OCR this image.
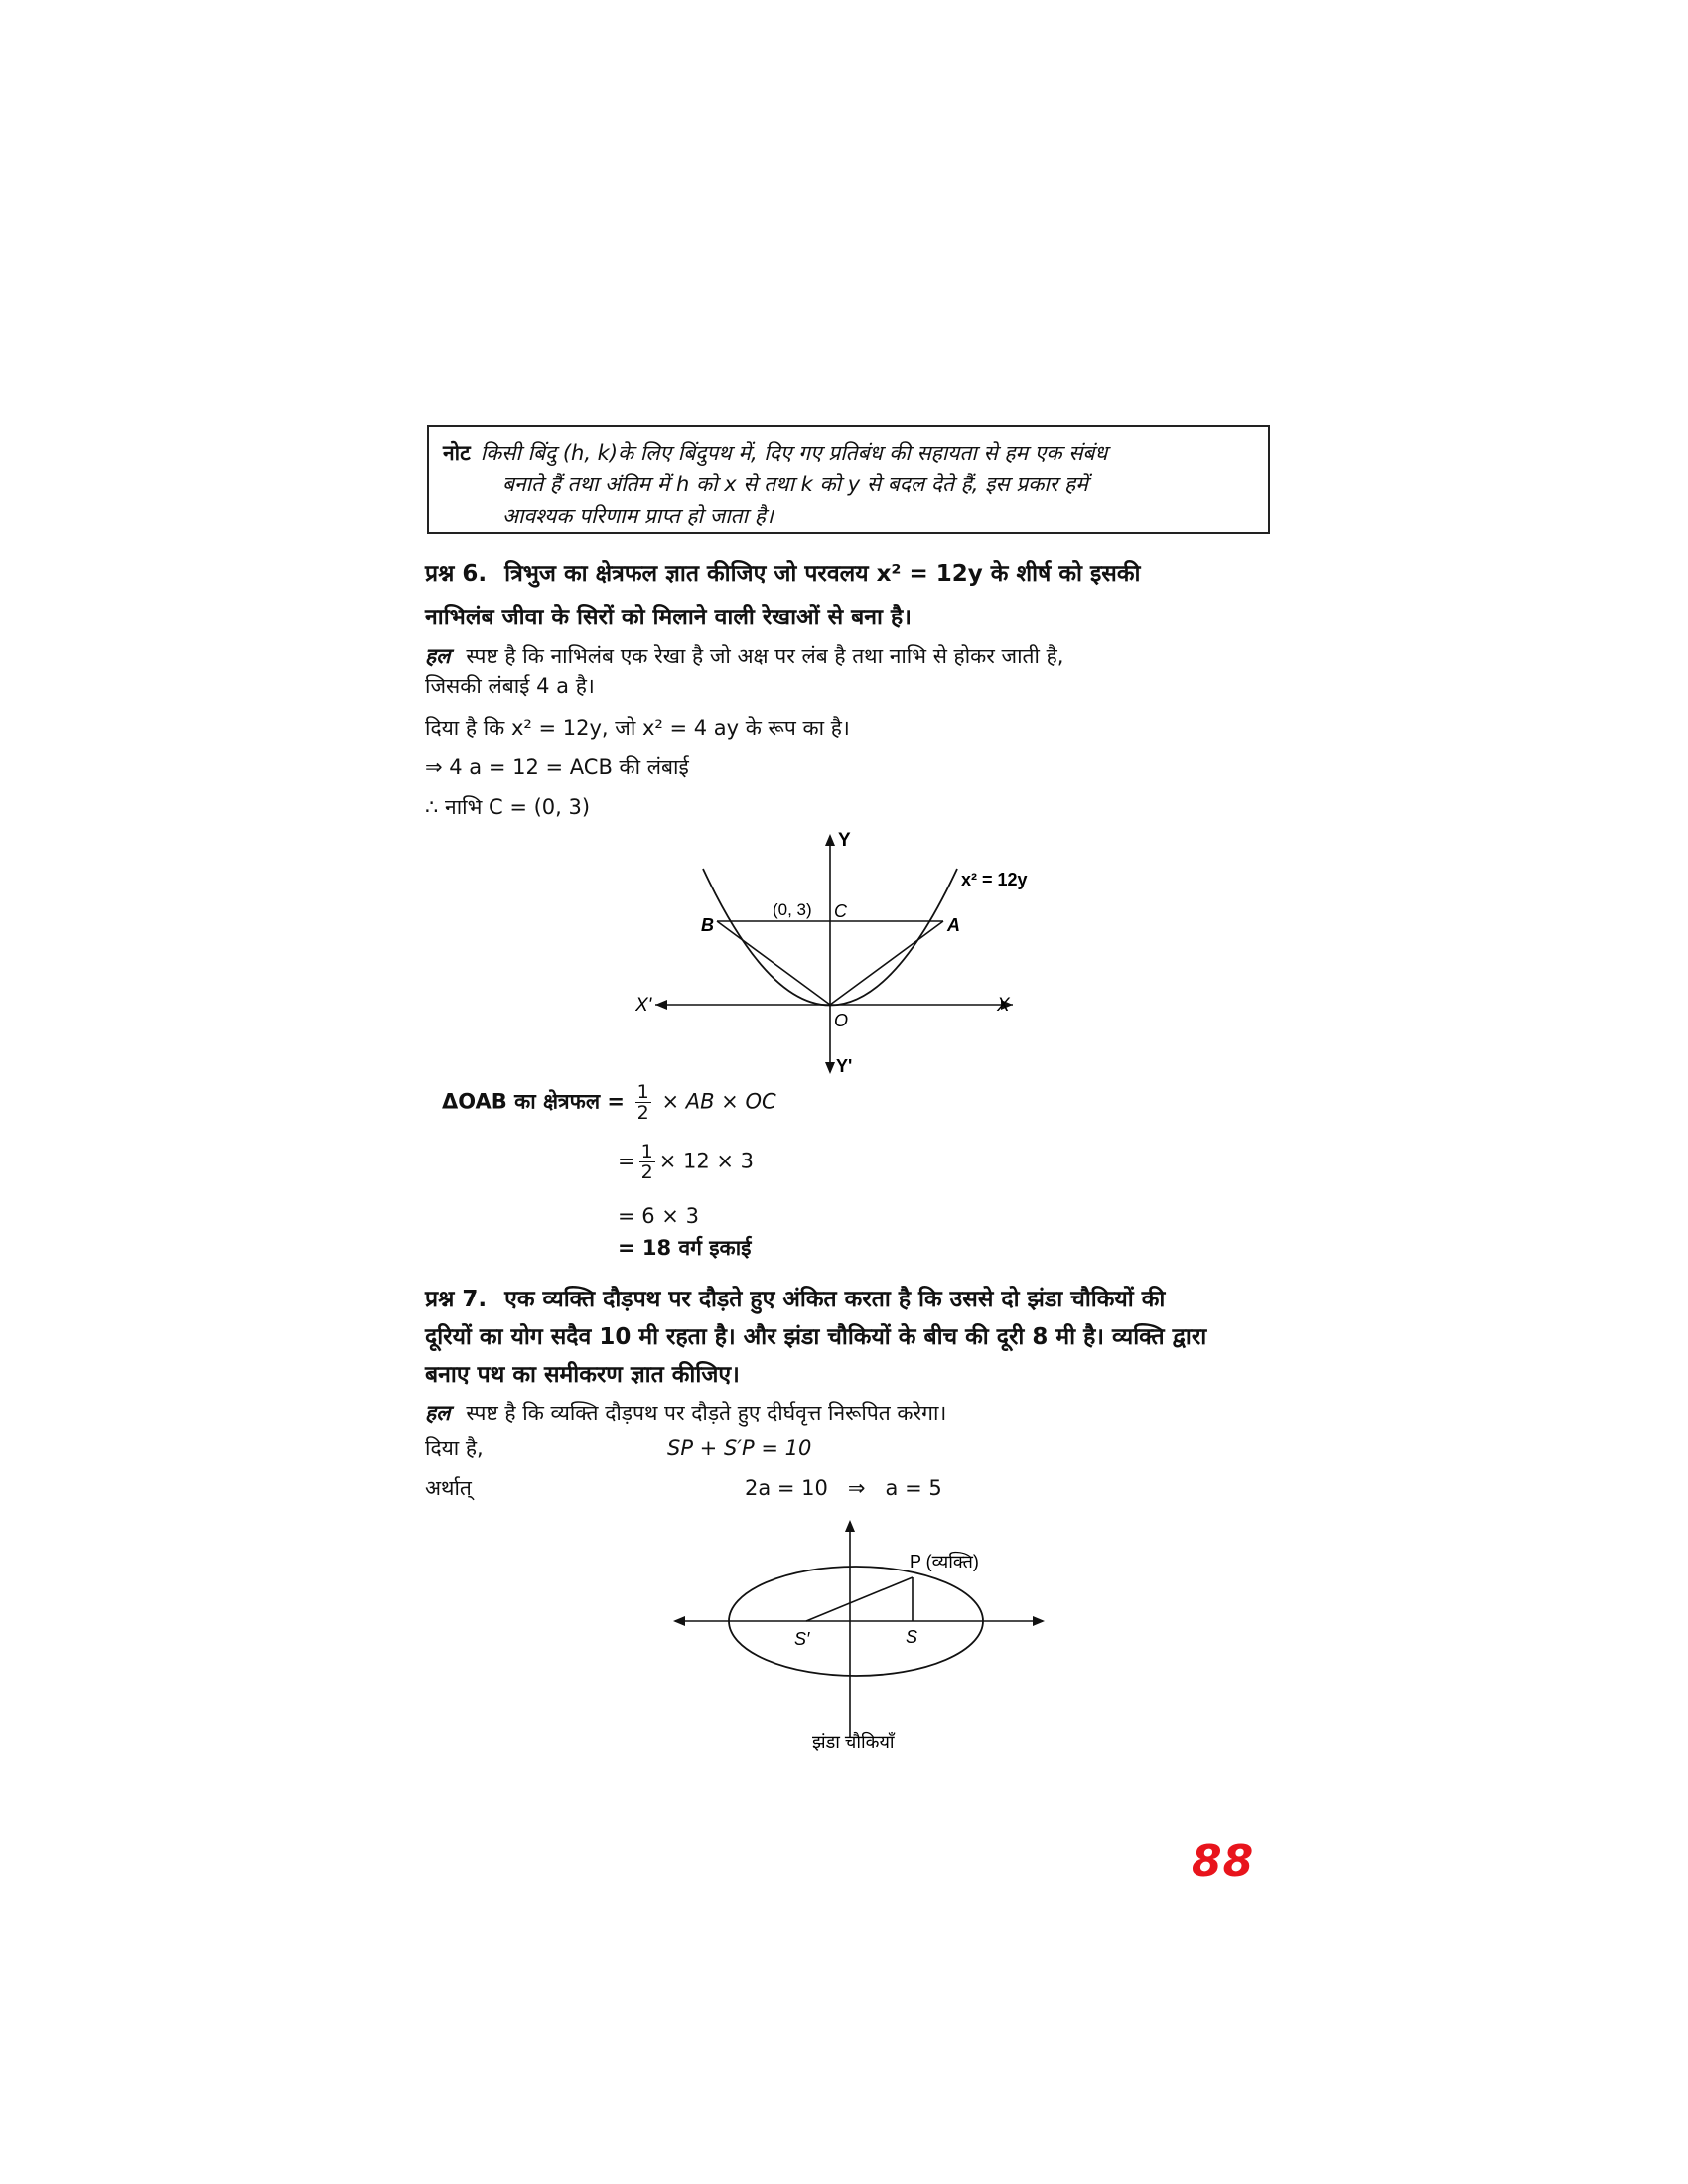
नोट किसी बिंदु (h, k)के लिए बिंदुपथ में, दिए गए प्रतिबंध की सहायता से हम एक संबंध
बनाते हैं तथा अंतिम में h को x से तथा k को y से बदल देते हैं, इस प्रकार हमें
आवश्यक परिणाम प्राप्त हो जाता है।
प्रश्न 6. त्रिभुज का क्षेत्रफल ज्ञात कीजिए जो परवलय x² = 12y के शीर्ष को इसकी
नाभिलंब जीवा के सिरों को मिलाने वाली रेखाओं से बना है।
हल स्पष्ट है कि नाभिलंब एक रेखा है जो अक्ष पर लंब है तथा नाभि से होकर जाती है,
जिसकी लंबाई 4 a है।
दिया है कि x² = 12y, जो x² = 4 ay के रूप का है।
⇒ 4 a = 12 = ACB की लंबाई
∴ नाभि C = (0, 3)
Y
Y'
X
X'
x² = 12y
B	A
C
O
(0, 3)
ΔOAB का क्षेत्रफल = $\frac{1}{2}$ × AB × OC
= $\frac{1}{2} \times 12 \times 3$
= 6 × 3
= 18 वर्ग इकाई
प्रश्न 7. एक व्यक्ति दौड़पथ पर दौड़ते हुए अंकित करता है कि उससे दो झंडा चौकियों की
दूरियों का योग सदैव 10 मी रहता है। और झंडा चौकियों के बीच की दूरी 8 मी है। व्यक्ति द्वारा
बनाए पथ का समीकरण ज्ञात कीजिए।
हल स्पष्ट है कि व्यक्ति दौड़पथ पर दौड़ते हुए दीर्घवृत्त निरूपित करेगा।
दिया है,	SP + S′P = 10
अर्थात्	2a = 10   ⇒   a = 5
P (व्यक्ति)
S′	S
झंडा चौकियाँ
88
